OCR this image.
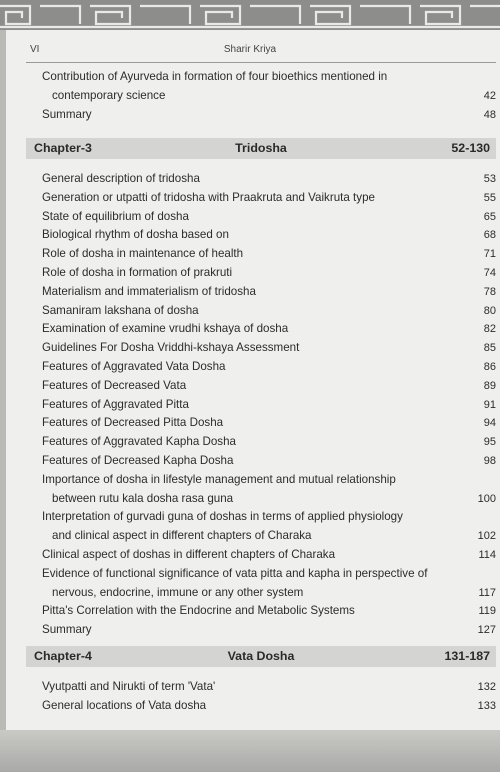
VI	Sharir Kriya
Contribution of Ayurveda in formation of four bioethics mentioned in
contemporary science	42
Summary	48
Chapter-3	Tridosha	52-130
General description of tridosha	53
Generation or utpatti of tridosha with Praakruta and Vaikruta type	55
State of equilibrium of dosha	65
Biological rhythm of dosha based on	68
Role of dosha in maintenance of health	71
Role of dosha in formation of prakruti	74
Materialism and immaterialism of tridosha	78
Samaniram lakshana of dosha	80
Examination of examine vrudhi kshaya of dosha	82
Guidelines For Dosha Vriddhi-kshaya Assessment	85
Features of Aggravated Vata Dosha	86
Features of Decreased Vata	89
Features of Aggravated Pitta	91
Features of Decreased Pitta Dosha	94
Features of Aggravated Kapha Dosha	95
Features of Decreased Kapha Dosha	98
Importance of dosha in lifestyle management and mutual relationship
between rutu kala dosha rasa guna	100
Interpretation of gurvadi guna of doshas in terms of applied physiology
and clinical aspect in different chapters of Charaka	102
Clinical aspect of doshas in different chapters of Charaka	114
Evidence of functional significance of vata pitta and kapha in perspective of
nervous, endocrine, immune or any other system	117
Pitta's Correlation with the Endocrine and Metabolic Systems	119
Summary	127
Chapter-4	Vata Dosha	131-187
Vyutpatti and Nirukti of term 'Vata'	132
General locations of Vata dosha	133
